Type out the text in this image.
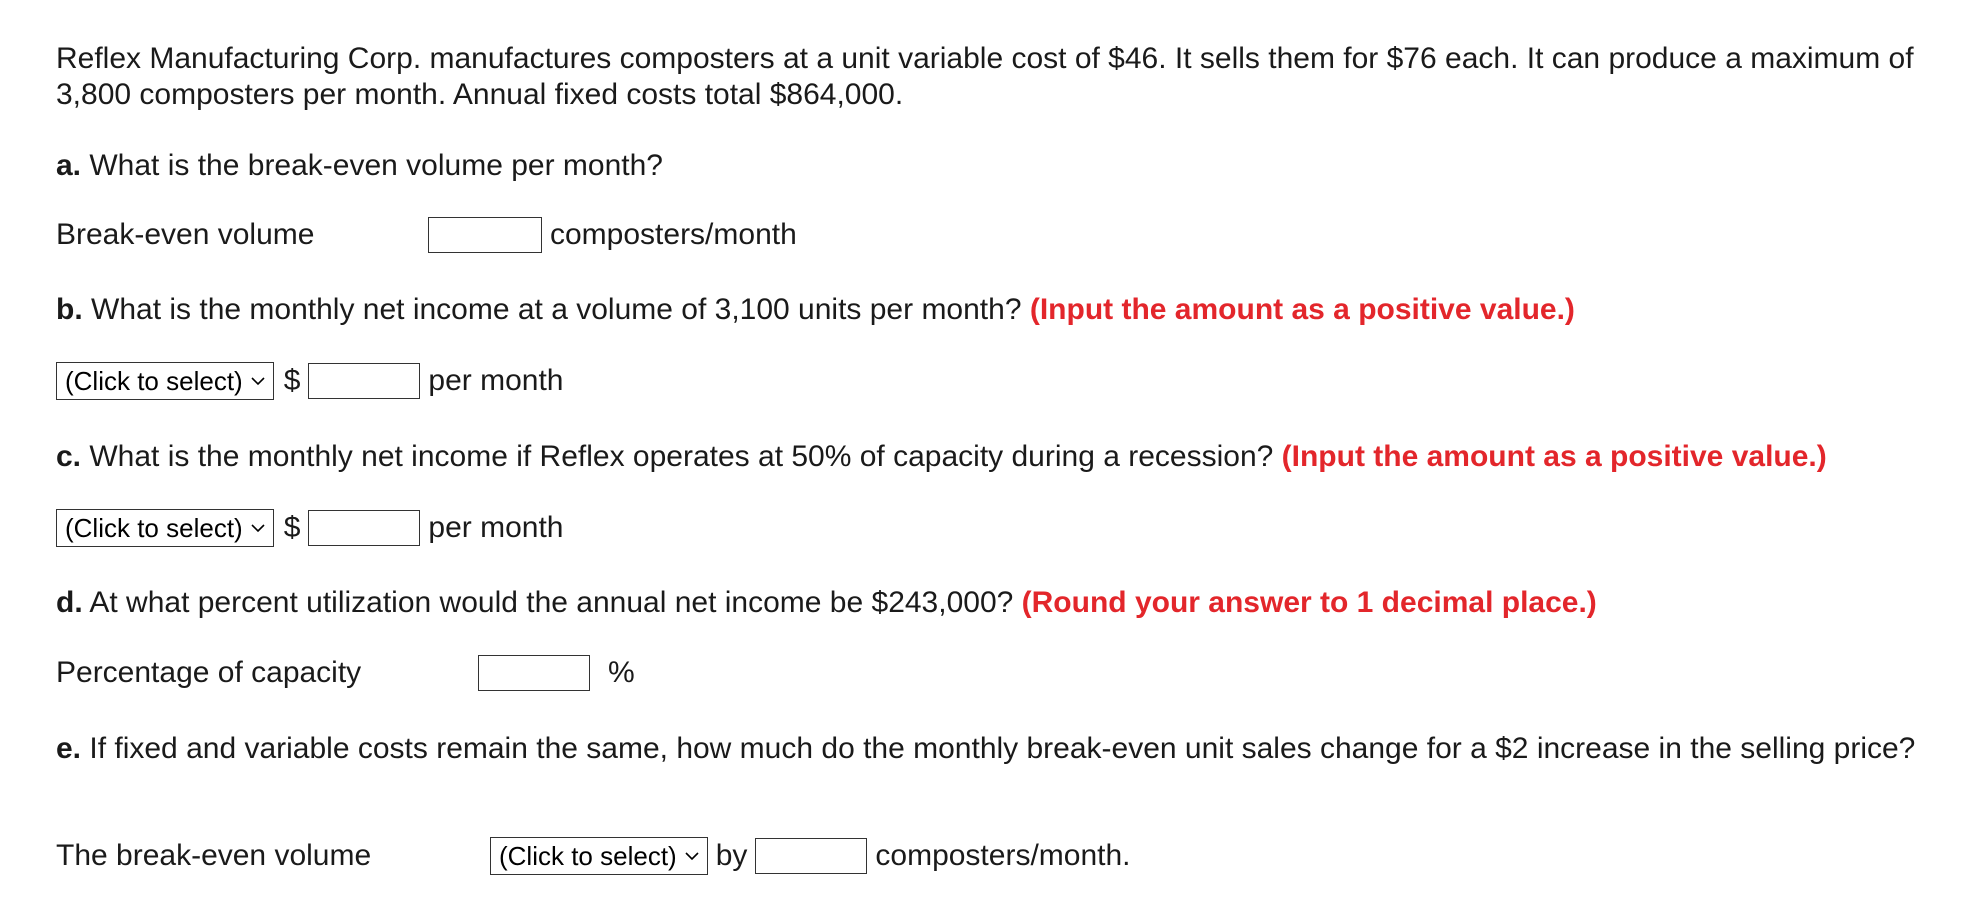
Reflex Manufacturing Corp. manufactures composters at a unit variable cost of $46. It sells them for $76 each. It can produce a maximum of 3,800 composters per month. Annual fixed costs total $864,000.
a. What is the break-even volume per month?
Break-even volume	composters/month
b. What is the monthly net income at a volume of 3,100 units per month? (Input the amount as a positive value.)
(Click to select) $	per month
c. What is the monthly net income if Reflex operates at 50% of capacity during a recession? (Input the amount as a positive value.)
(Click to select) $	per month
d. At what percent utilization would the annual net income be $243,000? (Round your answer to 1 decimal place.)
Percentage of capacity	%
e. If fixed and variable costs remain the same, how much do the monthly break-even unit sales change for a $2 increase in the selling price?
The break-even volume	(Click to select) by	composters/month.
